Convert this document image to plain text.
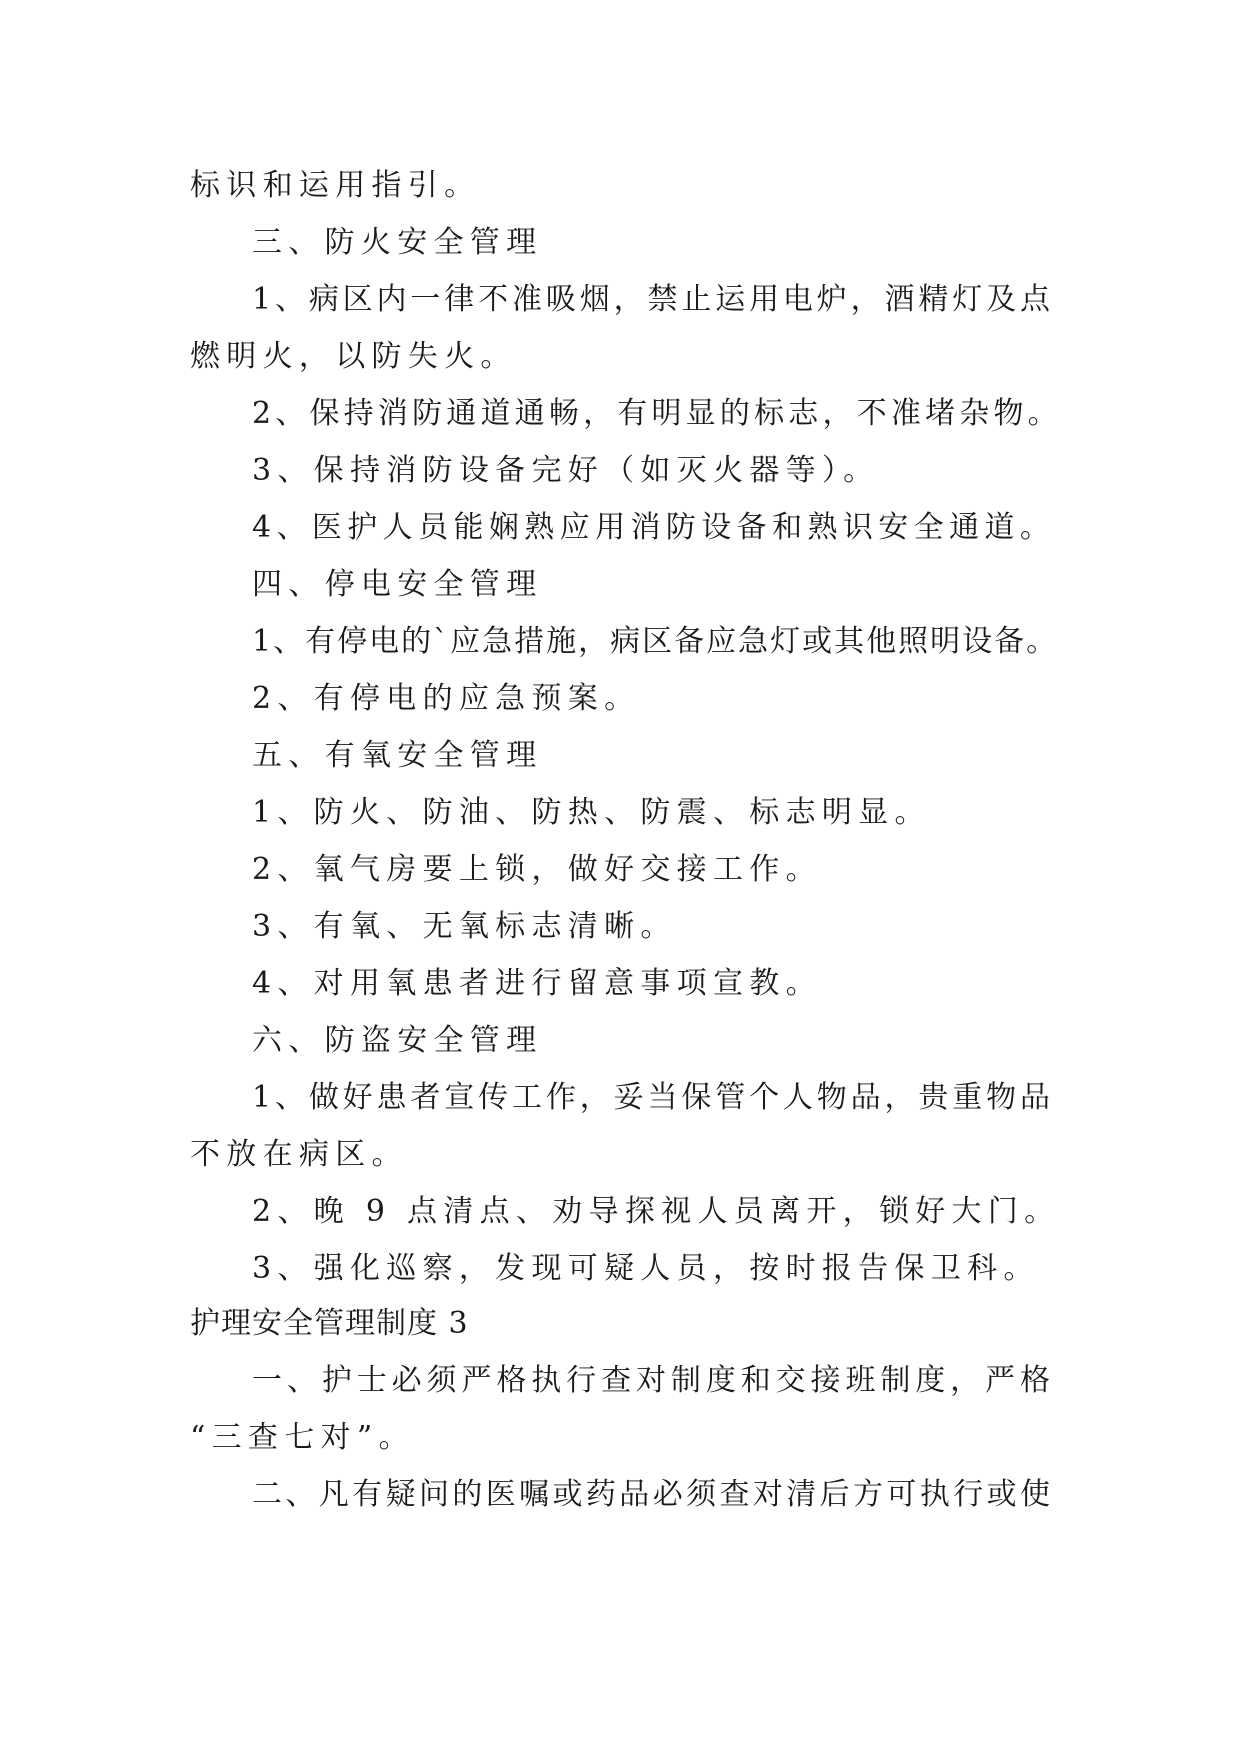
标识和运用指引。
三、防火安全管理
1、病区内一律不准吸烟，禁止运用电炉，酒精灯及点
燃明火，以防失火。
2、保持消防通道通畅，有明显的标志，不准堵杂物。
3、保持消防设备完好（如灭火器等）。
4、医护人员能娴熟应用消防设备和熟识安全通道。
四、停电安全管理
1、有停电的`应急措施，病区备应急灯或其他照明设备。
2、有停电的应急预案。
五、有氧安全管理
1、防火、防油、防热、防震、标志明显。
2、氧气房要上锁，做好交接工作。
3、有氧、无氧标志清晰。
4、对用氧患者进行留意事项宣教。
六、防盗安全管理
1、做好患者宣传工作，妥当保管个人物品，贵重物品
不放在病区。
2、晚 9 点清点、劝导探视人员离开，锁好大门。
3、强化巡察，发现可疑人员，按时报告保卫科。
护理安全管理制度 3
一、护士必须严格执行查对制度和交接班制度，严格
“三查七对”。
二、凡有疑问的医嘱或药品必须查对清后方可执行或使
